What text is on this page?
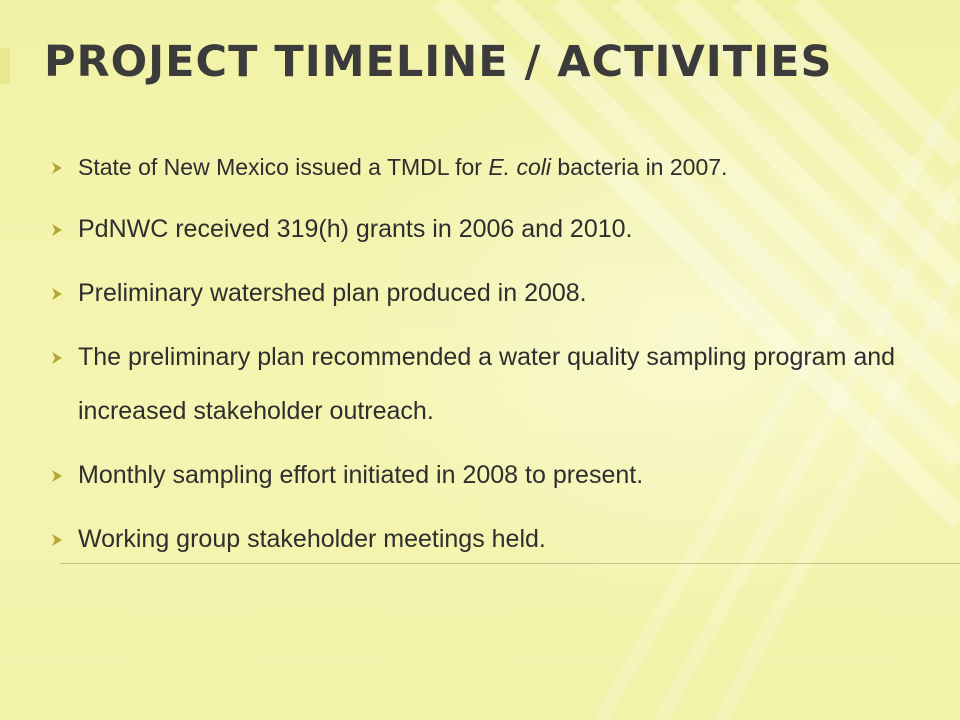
PROJECT TIMELINE / ACTIVITIES
State of New Mexico issued a TMDL for E. coli bacteria in 2007.
PdNWC received 319(h) grants in 2006 and 2010.
Preliminary watershed plan produced in 2008.
The preliminary plan recommended a water quality sampling program and increased stakeholder outreach.
Monthly sampling effort initiated in 2008 to present.
Working group stakeholder meetings held.
